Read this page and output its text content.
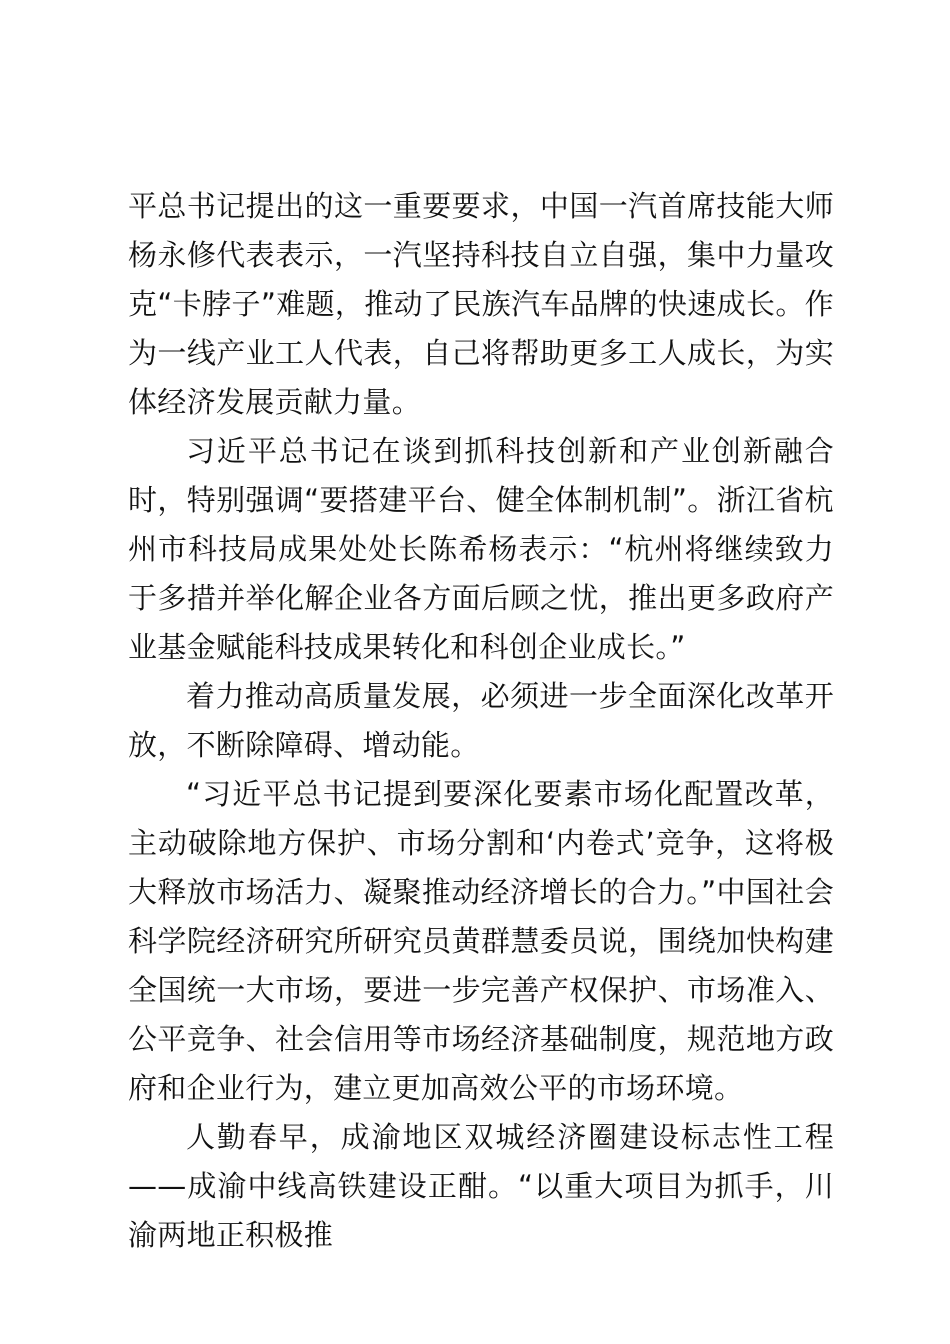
平总书记提出的这一重要要求，中国一汽首席技能大师杨永修代表表示，一汽坚持科技自立自强，集中力量攻克“卡脖子”难题，推动了民族汽车品牌的快速成长。作为一线产业工人代表，自己将帮助更多工人成长，为实体经济发展贡献力量。

习近平总书记在谈到抓科技创新和产业创新融合时，特别强调“要搭建平台、健全体制机制”。浙江省杭州市科技局成果处处长陈希杨表示：“杭州将继续致力于多措并举化解企业各方面后顾之忧，推出更多政府产业基金赋能科技成果转化和科创企业成长。”

着力推动高质量发展，必须进一步全面深化改革开放，不断除障碍、增动能。

“习近平总书记提到要深化要素市场化配置改革，主动破除地方保护、市场分割和‘内卷式’竞争，这将极大释放市场活力、凝聚推动经济增长的合力。”中国社会科学院经济研究所研究员黄群慧委员说，围绕加快构建全国统一大市场，要进一步完善产权保护、市场准入、公平竞争、社会信用等市场经济基础制度，规范地方政府和企业行为，建立更加高效公平的市场环境。

人勤春早，成渝地区双城经济圈建设标志性工程——成渝中线高铁建设正酣。“以重大项目为抓手，川渝两地正积极推
